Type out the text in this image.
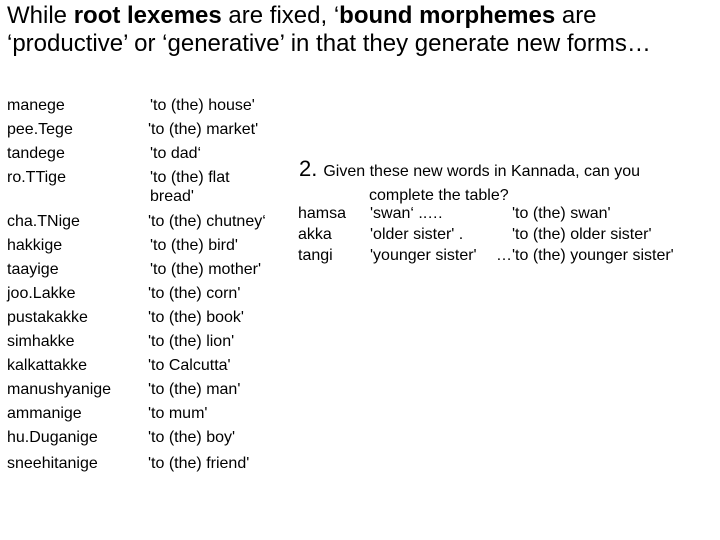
While root lexemes are fixed, ‘bound morphemes are ‘productive’ or ‘generative’ in that they generate new forms…
manege
pee.Tege
tandege
ro.TTige
cha.TNige
hakkige
taayige
joo.Lakke
pustakakke
simhakke
kalkattakke
manushyanige
ammanige
hu.Duganige
sneehitanige
'to (the) house'
'to (the) market'
'to dad‘
'to (the) flat bread'
'to (the) chutney‘
'to (the) bird'
'to (the) mother'
'to (the) corn'
'to (the) book'
'to (the) lion'
'to Calcutta'
'to (the) man'
'to mum'
'to (the) boy'
'to (the) friend'
2. Given these new words in Kannada, can you
complete the table?
hamsa 'swan‘ ..…	'to (the) swan'
akka 'older sister' .	'to (the) older sister'
tangi 'younger sister' …'to (the) younger sister'
